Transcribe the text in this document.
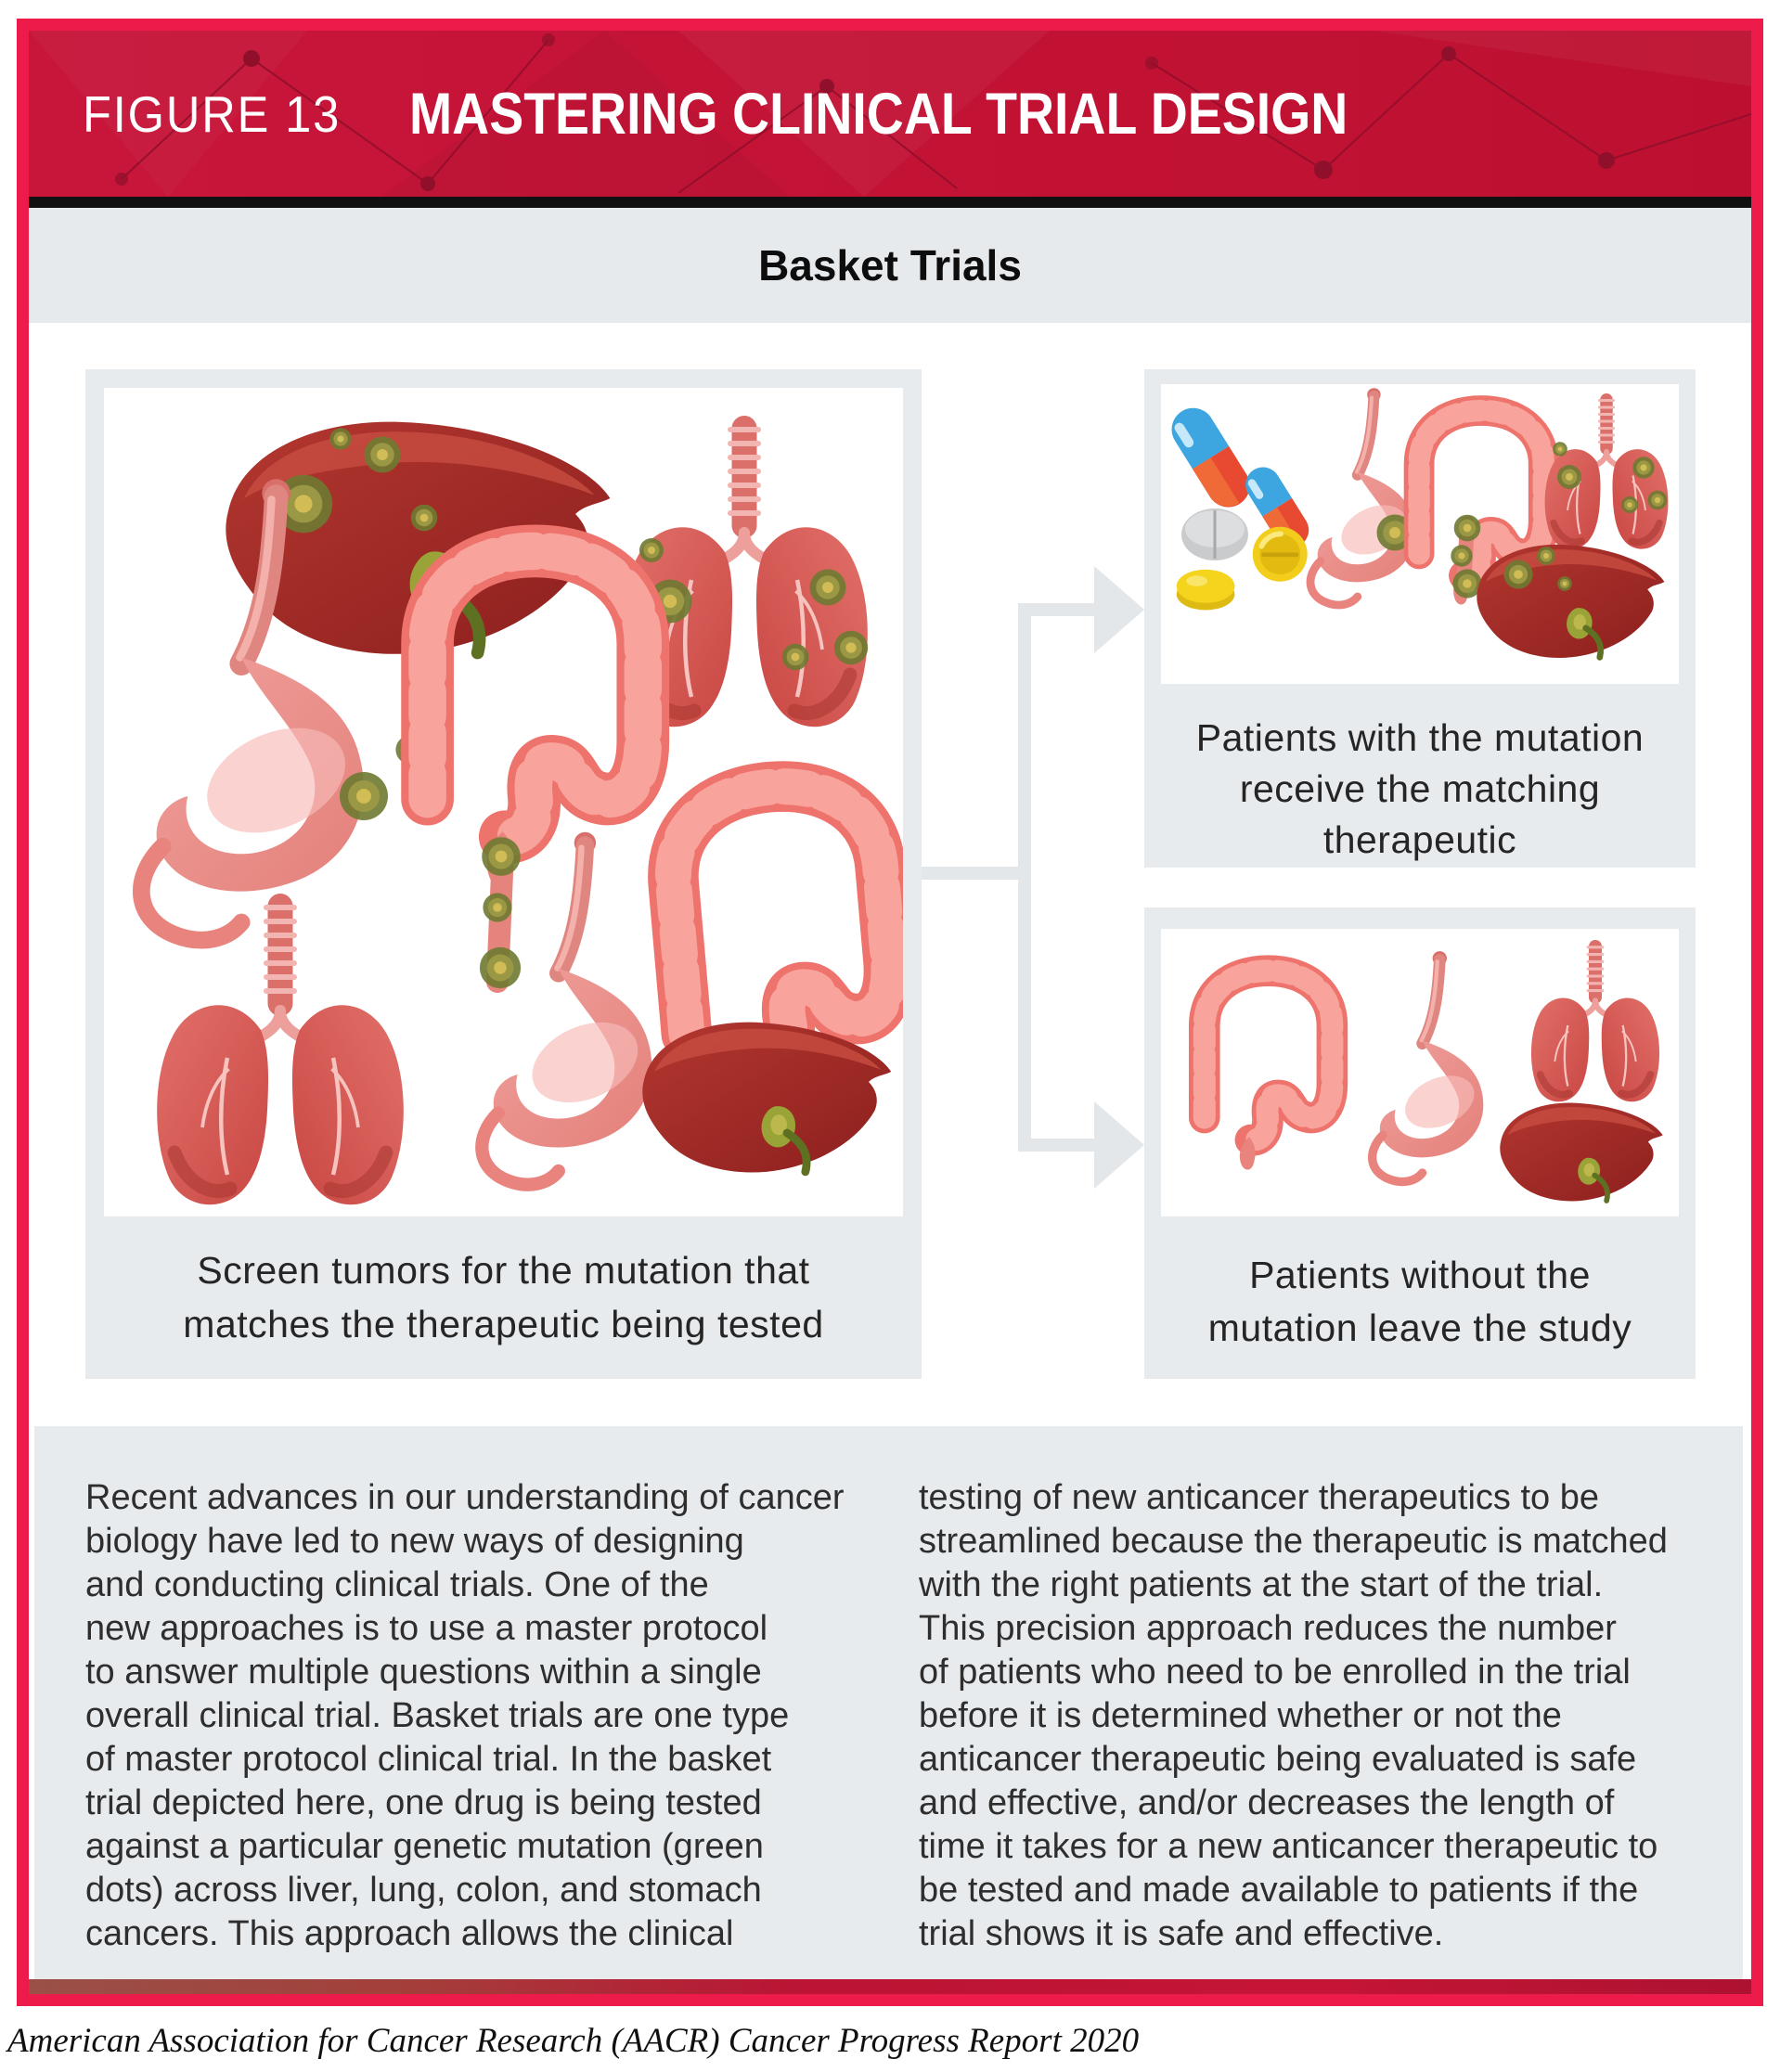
FIGURE 13 MASTERING CLINICAL TRIAL DESIGN
Basket Trials
Screen tumors for the mutation that
matches the therapeutic being tested
Patients with the mutation
receive the matching
therapeutic
Patients without the
mutation leave the study
Recent advances in our understanding of cancer
biology have led to new ways of designing
and conducting clinical trials. One of the
new approaches is to use a master protocol
to answer multiple questions within a single
overall clinical trial. Basket trials are one type
of master protocol clinical trial. In the basket
trial depicted here, one drug is being tested
against a particular genetic mutation (green
dots) across liver, lung, colon, and stomach
cancers. This approach allows the clinical
testing of new anticancer therapeutics to be
streamlined because the therapeutic is matched
with the right patients at the start of the trial.
This precision approach reduces the number
of patients who need to be enrolled in the trial
before it is determined whether or not the
anticancer therapeutic being evaluated is safe
and effective, and/or decreases the length of
time it takes for a new anticancer therapeutic to
be tested and made available to patients if the
trial shows it is safe and effective.
American Association for Cancer Research (AACR) Cancer Progress Report 2020
